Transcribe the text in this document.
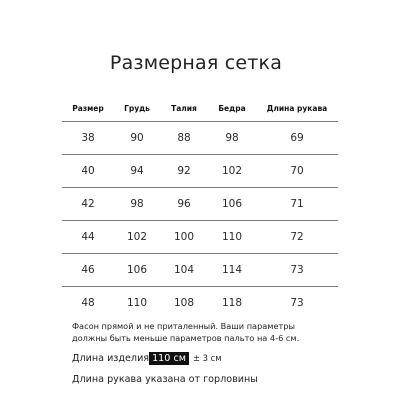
Размерная сетка
Размер	Грудь	Талия	Бедра	Длина рукава
38	90	88	98	69
40	94	92	102	70
42	98	96	106	71
44	102	100	110	72
46	106	104	114	73
48	110	108	118	73
Фасон прямой и не приталенный. Ваши параметры
должны быть меньше параметров пальто на 4-6 см.
Длина изделия 110 см ± 3 см
Длина рукава указана от горловины
